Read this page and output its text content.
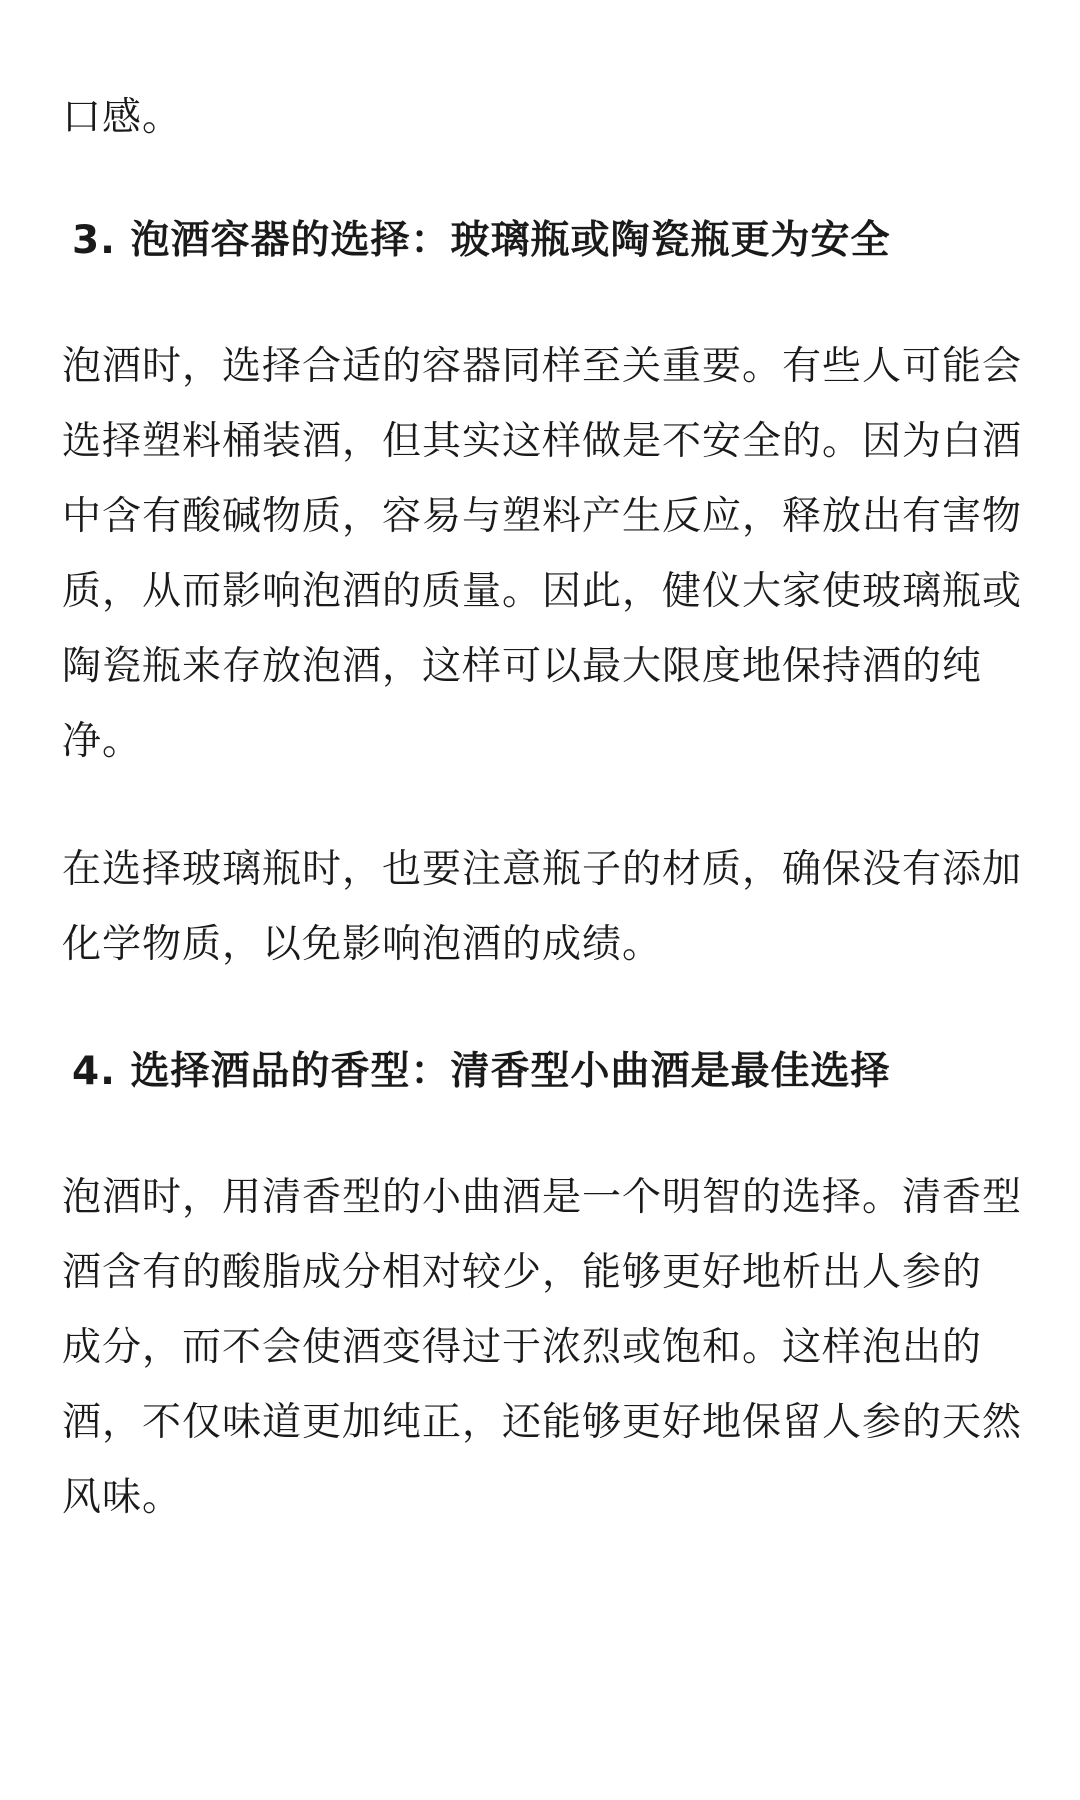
口感。

3. 泡酒容器的选择：玻璃瓶或陶瓷瓶更为安全

泡酒时，选择合适的容器同样至关重要。有些人可能会选择塑料桶装酒，但其实这样做是不安全的。因为白酒中含有酸碱物质，容易与塑料产生反应，释放出有害物质，从而影响泡酒的质量。因此，健仪大家使玻璃瓶或陶瓷瓶来存放泡酒，这样可以最大限度地保持酒的纯净。

在选择玻璃瓶时，也要注意瓶子的材质，确保没有添加化学物质，以免影响泡酒的成绩。

4. 选择酒品的香型：清香型小曲酒是最佳选择

泡酒时，用清香型的小曲酒是一个明智的选择。清香型酒含有的酸脂成分相对较少，能够更好地析出人参的 成分，而不会使酒变得过于浓烈或饱和。这样泡出的酒，不仅味道更加纯正，还能够更好地保留人参的天然风味。
